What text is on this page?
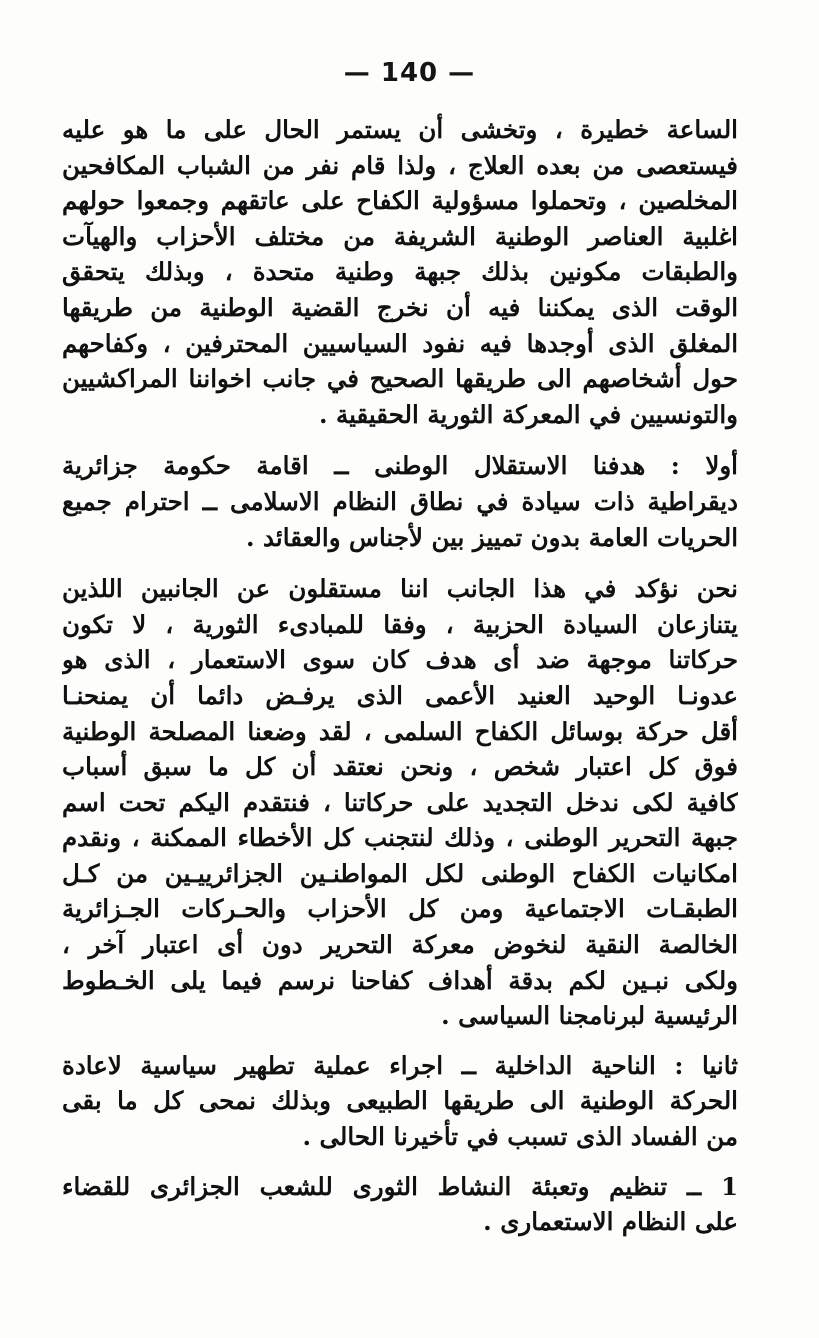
— 140 —

الساعة خطيرة ، وتخشى أن يستمر الحال على ما هو عليه
فيستعصى من بعده العلاج ، ولذا قام نفر من الشباب المكافحين
المخلصين ، وتحملوا مسؤولية الكفاح على عاتقهم وجمعوا حولهم
اغلبية العناصر الوطنية الشريفة من مختلف الأحزاب والهيآت
والطبقات مكونين بذلك جبهة وطنية متحدة ، وبذلك يتحقق
الوقت الذى يمكننا فيه أن نخرج القضية الوطنية من طريقها
المغلق الذى أوجدها فيه نفود السياسيين المحترفين ، وكفاحهم
حول أشخاصهم الى طريقها الصحيح في جانب اخواننا المراكشيين
والتونسيين في المعركة الثورية الحقيقية .

أولا : هدفنا الاستقلال الوطنى ــ اقامة حكومة جزائرية
ديقراطية ذات سيادة في نطاق النظام الاسلامى ــ احترام جميع
الحريات العامة بدون تمييز بين لأجناس والعقائد .

نحن نؤكد في هذا الجانب اننا مستقلون عن الجانبين اللذين
يتنازعان السيادة الحزبية ، وفقا للمبادىء الثورية ، لا تكون
حركاتنا موجهة ضد أى هدف كان سوى الاستعمار ، الذى هو
عدونـا الوحيد العنيد الأعمى الذى يرفـض دائما أن يمنحنـا
أقل حركة بوسائل الكفاح السلمى ، لقد وضعنا المصلحة الوطنية
فوق كل اعتبار شخص ، ونحن نعتقد أن كل ما سبق أسباب
كافية لكى ندخل التجديد على حركاتنا ، فنتقدم اليكم تحت اسم
جبهة التحرير الوطنى ، وذلك لنتجنب كل الأخطاء الممكنة ، ونقدم
امكانيات الكفاح الوطنى لكل المواطنـين الجزائرييـين من كـل
الطبقـات الاجتماعية ومن كل الأحزاب والحـركات الجـزائرية
الخالصة النقية لنخوض معركة التحرير دون أى اعتبار آخر ،
ولكى نبـين لكم بدقة أهداف كفاحنا نرسم فيما يلى الخـطوط
الرئيسية لبرنامجنا السياسى .

ثانيا : الناحية الداخلية ــ اجراء عملية تطهير سياسية لاعادة
الحركة الوطنية الى طريقها الطبيعى وبذلك نمحى كل ما بقى
من الفساد الذى تسبب في تأخيرنا الحالى .

1 ــ تنظيم وتعبئة النشاط الثورى للشعب الجزائرى للقضاء
على النظام الاستعمارى .
